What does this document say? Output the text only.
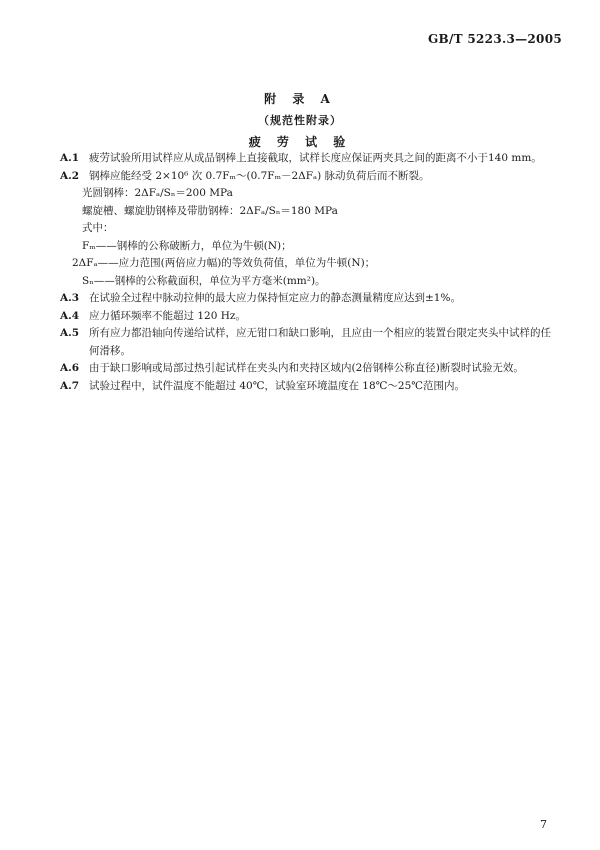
GB/T 5223.3—2005
附 录 A
（规范性附录）
疲 劳 试 验
A.1 疲劳试验所用试样应从成品钢棒上直接截取，试样长度应保证两夹具之间的距离不小于140 mm。
A.2 钢棒应能经受 2×10⁶ 次 0.7Fₘ～(0.7Fₘ－2ΔFₐ) 脉动负荷后而不断裂。
光圆钢棒：2ΔFₐ/Sₙ＝200 MPa
螺旋槽、螺旋肋钢棒及带肋钢棒：2ΔFₐ/Sₙ＝180 MPa
式中：
Fₘ——钢棒的公称破断力，单位为牛顿(N)；
2ΔFₐ——应力范围(两倍应力幅)的等效负荷值，单位为牛顿(N)；
Sₙ——钢棒的公称截面积，单位为平方毫米(mm²)。
A.3 在试验全过程中脉动拉伸的最大应力保持恒定应力的静态测量精度应达到±1%。
A.4 应力循环频率不能超过 120 Hz。
A.5 所有应力都沿轴向传递给试样，应无钳口和缺口影响，且应由一个相应的装置台限定夹头中试样的任何滑移。
A.6 由于缺口影响或局部过热引起试样在夹头内和夹持区域内(2倍钢棒公称直径)断裂时试验无效。
A.7 试验过程中，试件温度不能超过 40℃，试验室环境温度在 18℃～25℃范围内。
7
